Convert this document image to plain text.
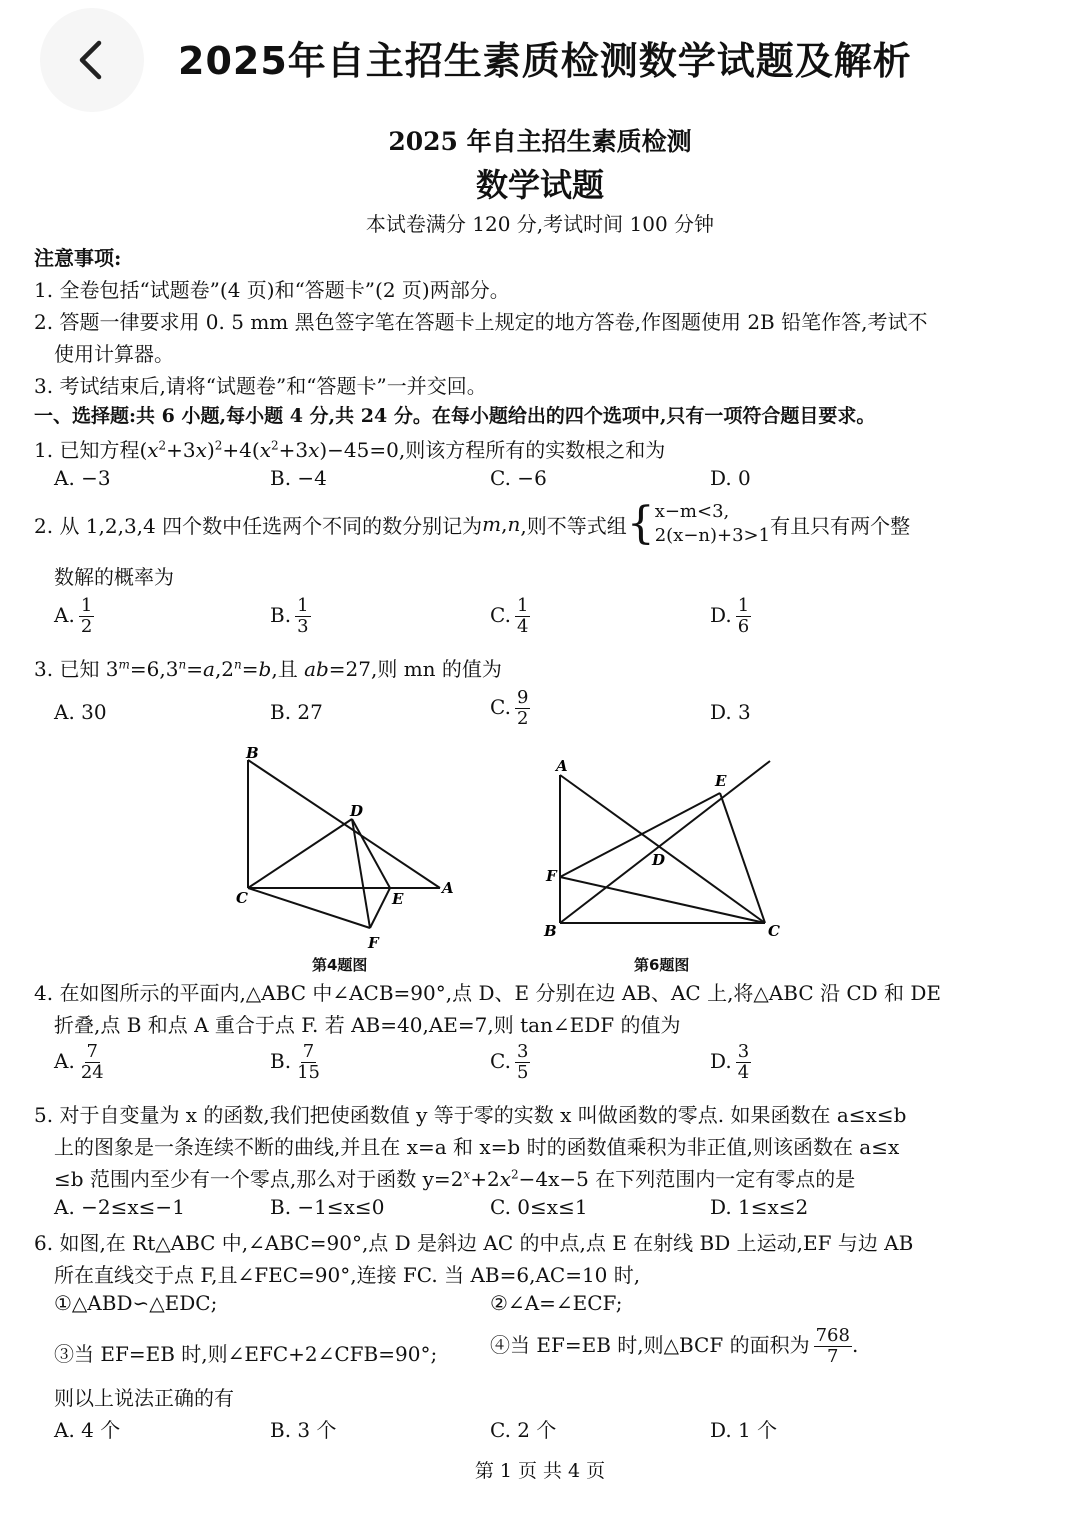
2025年自主招生素质检测数学试题及解析
2025 年自主招生素质检测
数学试题
本试卷满分 120 分,考试时间 100 分钟
注意事项:
1. 全卷包括“试题卷”(4 页)和“答题卡”(2 页)两部分。
2. 答题一律要求用 0. 5 mm 黑色签字笔在答题卡上规定的地方答卷,作图题使用 2B 铅笔作答,考试不
使用计算器。
3. 考试结束后,请将“试题卷”和“答题卡”一并交回。
一、选择题:共 6 小题,每小题 4 分,共 24 分。在每小题给出的四个选项中,只有一项符合题目要求。
1. 已知方程$(x^2+3x)^2+4(x^2+3x)-45=0$,则该方程所有的实数根之和为
A. −3	B. −4	C. −6	D. 0
2. 从 1,2,3,4 四个数中任选两个不同的数分别记为 m , n ,则不等式组 { x−m<3,
2(x−n)+3>1 有且只有两个整
数解的概率为
A. $\frac{1}{2}$	B. $\frac{1}{3}$	C. $\frac{1}{4}$	D. $\frac{1}{6}$
3. 已知 $3^m=6,3^n=a,2^n=b$,且 ab=27,则 mn 的值为
A. 30	B. 27	C. $\frac{9}{2}$	D. 3
B
D
C	E
A
F
第4题图
A
E
D
F
B	C
第6题图
4. 在如图所示的平面内,△ABC 中∠ACB=90°,点 D、E 分别在边 AB、AC 上,将△ABC 沿 CD 和 DE
折叠,点 B 和点 A 重合于点 F. 若 AB=40,AE=7,则 tan∠EDF 的值为
A. $\frac{7}{24}$	B. $\frac{7}{15}$	C. $\frac{3}{5}$	D. $\frac{3}{4}$
5. 对于自变量为 x 的函数,我们把使函数值 y 等于零的实数 x 叫做函数的零点. 如果函数在 a≤x≤b
上的图象是一条连续不断的曲线,并且在 x=a 和 x=b 时的函数值乘积为非正值,则该函数在 a≤x
≤b 范围内至少有一个零点,那么对于函数 $y=2^x+2x^2-4x-5$ 在下列范围内一定有零点的是
A. −2≤x≤−1	B. −1≤x≤0	C. 0≤x≤1	D. 1≤x≤2
6. 如图,在 Rt△ABC 中,∠ABC=90°,点 D 是斜边 AC 的中点,点 E 在射线 BD 上运动,EF 与边 AB
所在直线交于点 F,且∠FEC=90°,连接 FC. 当 AB=6,AC=10 时,
①△ABD∽△EDC;	②∠A=∠ECF;
③当 EF=EB 时,则∠EFC+2∠CFB=90°;	④当 EF=EB 时,则△BCF 的面积为 $\frac{768}{7}$ .
则以上说法正确的有
A. 4 个	B. 3 个	C. 2 个	D. 1 个
第 1 页 共 4 页
